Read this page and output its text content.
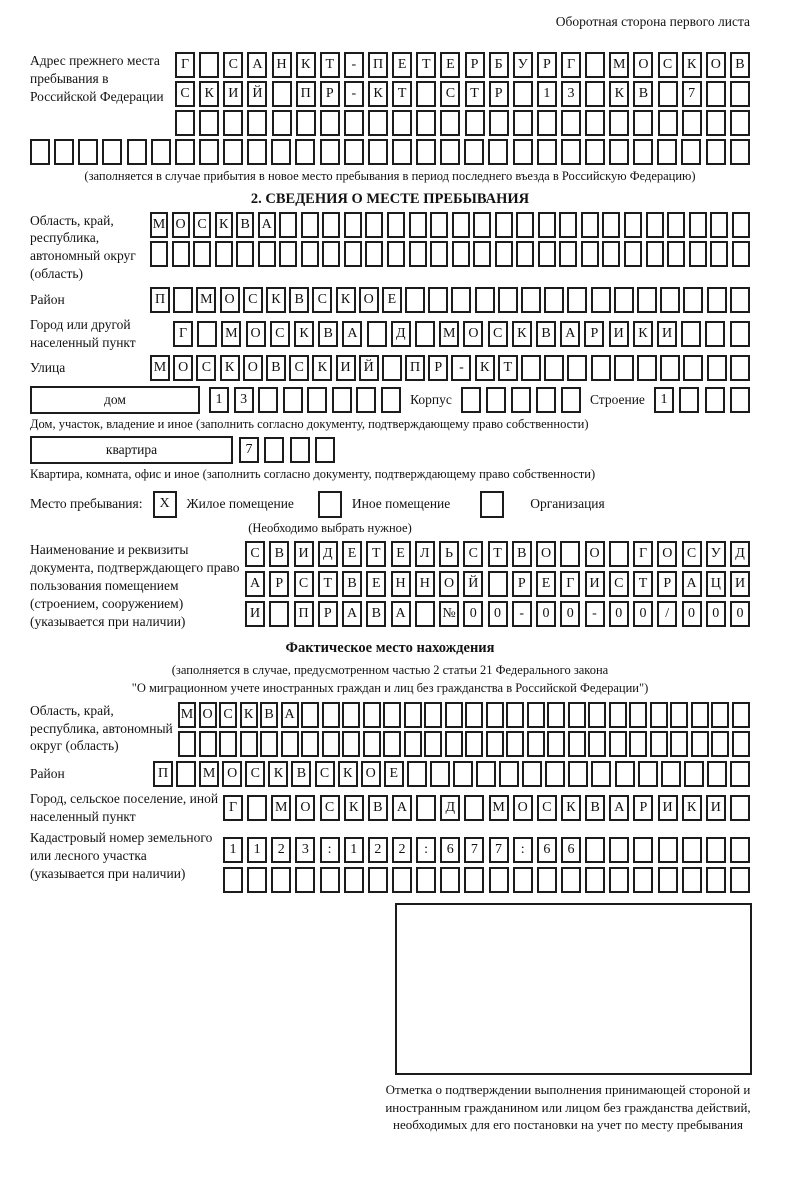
Оборотная сторона первого листа
Адрес прежнего места пребывания в Российской Федерации
Г	С	А	Н	К	Т	-	П	Е	Т	Е	Р	Б	У	Р	Г	М О	С	К	О	В
С	К	И	Й	П	Р	-	К	Т	С	Т	Р	1	3	К	В	7
(заполняется в случае прибытия в новое место пребывания в период последнего въезда в Российскую Федерацию)
2. СВЕДЕНИЯ О МЕСТЕ ПРЕБЫВАНИЯ
Область, край, республика, автономный округ (область)
М О С К В А
Район	П	М О С К В С К О Е
Город или другой населенный пункт
Г	М О	С	К	В	А	Д	М О	С	К	В	А	Р	И	К	И
Улица	М О С К О В С К И Й	П	Р	-	К	Т
дом	1	3	Корпус	Строение	1
Дом, участок, владение и иное (заполнить согласно документу, подтверждающему право собственности)
квартира	7
Квартира, комната, офис и иное (заполнить согласно документу, подтверждающему право собственности)
Место пребывания:	X	Жилое помещение	Иное помещение	Организация
(Необходимо выбрать нужное)
Наименование и реквизиты документа, подтверждающего право пользования помещением (строением, сооружением) (указывается при наличии)
С	В	И	Д	Е	Т	Е	Л	Ь	С	Т	В	О	О	Г	О	С	У	Д
А	Р	С	Т	В	Е	Н	Н	О	Й	Р	Е	Г	И	С	Т	Р	А	Ц	И
И	П	Р	А	В	А	№	0	0	-	0	0	-	0	0	/	0	0	0
Фактическое место нахождения
(заполняется в случае, предусмотренном частью 2 статьи 21 Федерального закона
"О миграционном учете иностранных граждан и лиц без гражданства в Российской Федерации")
Область, край, республика, автономный округ (область)
М О С К В А
Район	П	М О С К В С К О Е
Город, сельское поселение, иной населенный пункт
Г	М О	С	К	В	А	Д	М О	С	К	В	А	Р	И	К	И
Кадастровый номер земельного или лесного участка (указывается при наличии)
1	1	2	3	:	1	2	2	:	6	7	7	:	6	6
Отметка о подтверждении выполнения принимающей стороной и иностранным гражданином или лицом без гражданства действий, необходимых для его постановки на учет по месту пребывания
